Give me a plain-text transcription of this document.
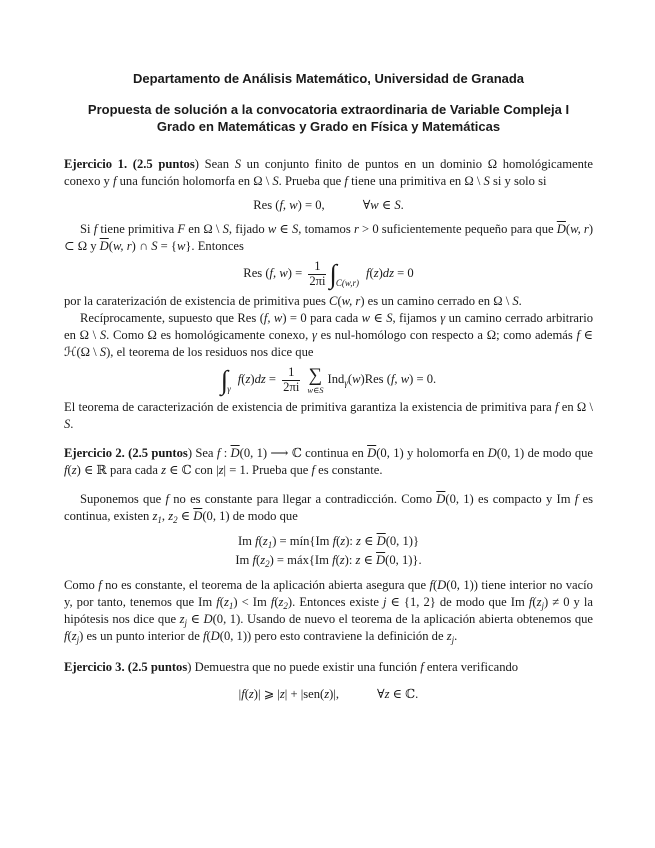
Departamento de Análisis Matemático, Universidad de Granada
Propuesta de solución a la convocatoria extraordinaria de Variable Compleja I
Grado en Matemáticas y Grado en Física y Matemáticas
Ejercicio 1. (2.5 puntos) Sean S un conjunto finito de puntos en un dominio Ω homológicamente conexo y f una función holomorfa en Ω \ S. Prueba que f tiene una primitiva en Ω \ S si y solo si
Res (f, w) = 0,	∀w ∈ S.
Si f tiene primitiva F en Ω \ S, fijado w ∈ S, tomamos r > 0 suficientemente pequeño para que $\overline{D}(w$, r) ⊂ Ω y $\overline{D}(w$, r) ∩ S = {w}. Entonces
Res (f, $w) = \frac{1}{2\pi i} \int_{C(w,r)}f(z)dz = 0$
por la caraterización de existencia de primitiva pues C(w, r) es un camino cerrado en Ω \ S.
Recíprocamente, supuesto que Res (f, w) = 0 para cada w ∈ S, fijamos γ un camino cerrado arbitrario en Ω \ S. Como Ω es homológicamente conexo, γ es nul-homólogo con respecto a Ω; como además f ∈ ℋ(Ω \ S), el teorema de los residuos nos dice que
$\int_\gamma f(z)dz = \frac{1}{2\pi i}$ ∑
w∈S
Ind$_\gamma$(w)Res (f, w) = 0.
El teorema de caracterización de existencia de primitiva garantiza la existencia de primitiva para f en Ω \ S.
Ejercicio 2. (2.5 puntos) Sea f : $\overline{D}(0$, 1) ⟶ ℂ continua en $\overline{D}(0$, 1) y holomorfa en D(0, 1) de modo que f(z) ∈ ℝ para cada z ∈ ℂ con |z| = 1. Prueba que f es constante.
Suponemos que f no es constante para llegar a contradicción. Como $\overline{D}(0$, 1) es compacto y Im f es continua, existen $z_1$, $z_2$ ∈ $\overline{D}(0$, 1) de modo que
Im $f(z_1)$ = mín{Im f(z): z ∈ $\overline{D}(0$, 1)}
Im $f(z_2)$ = máx{Im f(z): z ∈ $\overline{D}(0$, 1)}.
Como f no es constante, el teorema de la aplicación abierta asegura que f(D(0, 1)) tiene interior no vacío y, por tanto, tenemos que Im $f(z_1) < Im$ $f(z_2)$. Entonces existe j ∈ {1, 2} de modo que Im $f(z_j) \ne 0$ y la hipótesis nos dice que $z_j$ ∈ D(0, 1). Usando de nuevo el teorema de la aplicación abierta obtenemos que $f(z_j)$ es un punto interior de f(D(0, 1)) pero esto contraviene la definición de $z_j$.
Ejercicio 3. (2.5 puntos) Demuestra que no puede existir una función f entera verificando
|f(z)| ⩾ |z| + |sen(z)|,	∀z ∈ ℂ.
